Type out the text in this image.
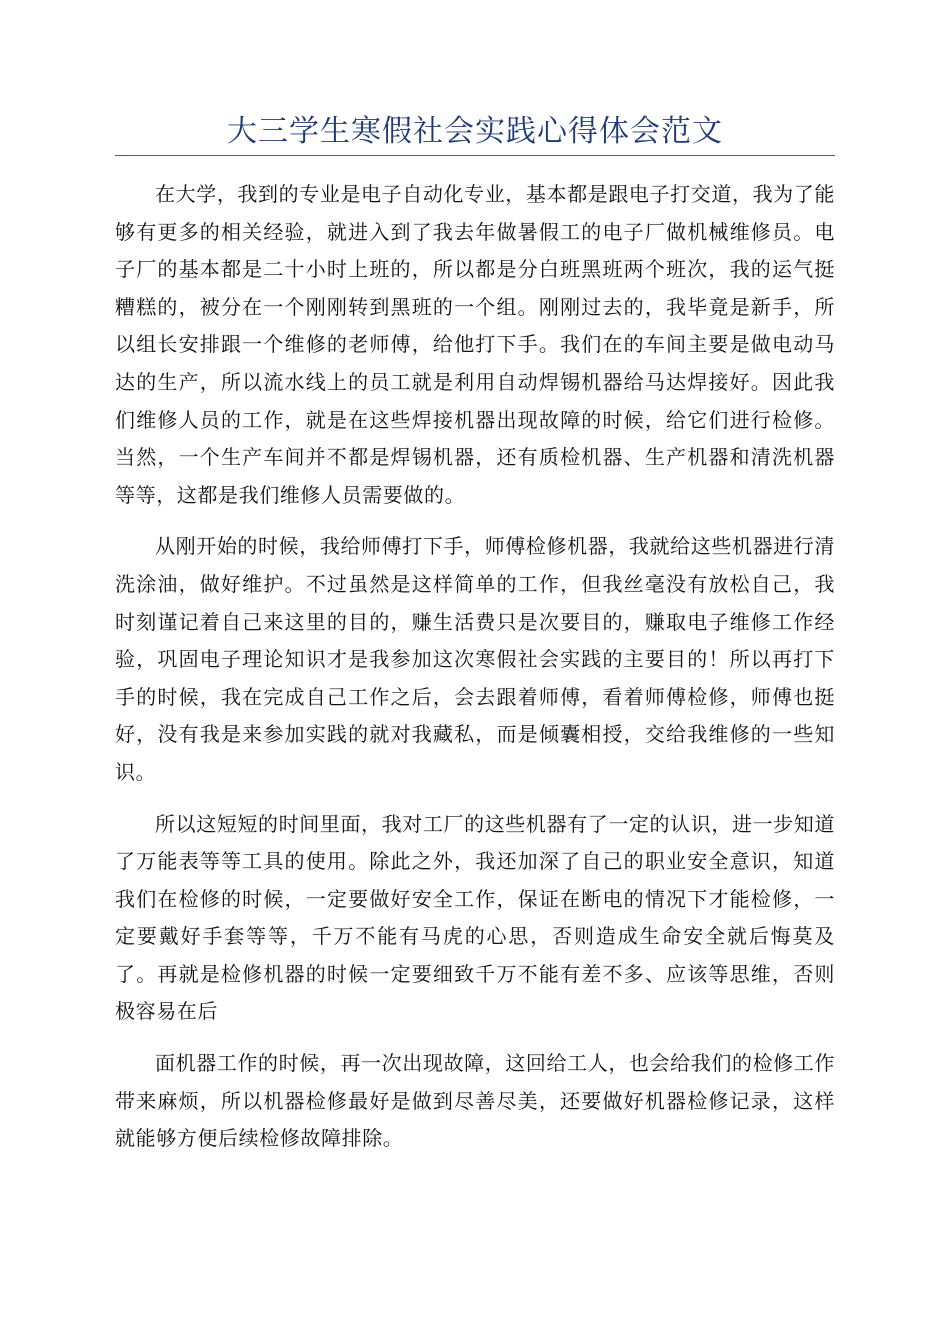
大三学生寒假社会实践心得体会范文

在大学，我到的专业是电子自动化专业，基本都是跟电子打交道，我为了能够有更多的相关经验，就进入到了我去年做暑假工的电子厂做机械维修员。电子厂的基本都是二十小时上班的，所以都是分白班黑班两个班次，我的运气挺糟糕的，被分在一个刚刚转到黑班的一个组。刚刚过去的，我毕竟是新手，所以组长安排跟一个维修的老师傅，给他打下手。我们在的车间主要是做电动马达的生产，所以流水线上的员工就是利用自动焊锡机器给马达焊接好。因此我们维修人员的工作，就是在这些焊接机器出现故障的时候，给它们进行检修。当然，一个生产车间并不都是焊锡机器，还有质检机器、生产机器和清洗机器等等，这都是我们维修人员需要做的。

从刚开始的时候，我给师傅打下手，师傅检修机器，我就给这些机器进行清洗涂油，做好维护。不过虽然是这样简单的工作，但我丝毫没有放松自己，我时刻谨记着自己来这里的目的，赚生活费只是次要目的，赚取电子维修工作经验，巩固电子理论知识才是我参加这次寒假社会实践的主要目的！所以再打下手的时候，我在完成自己工作之后，会去跟着师傅，看着师傅检修，师傅也挺好，没有我是来参加实践的就对我藏私，而是倾囊相授，交给我维修的一些知识。

所以这短短的时间里面，我对工厂的这些机器有了一定的认识，进一步知道了万能表等等工具的使用。除此之外，我还加深了自己的职业安全意识，知道我们在检修的时候，一定要做好安全工作，保证在断电的情况下才能检修，一定要戴好手套等等，千万不能有马虎的心思，否则造成生命安全就后悔莫及了。再就是检修机器的时候一定要细致千万不能有差不多、应该等思维，否则极容易在后

面机器工作的时候，再一次出现故障，这回给工人，也会给我们的检修工作带来麻烦，所以机器检修最好是做到尽善尽美，还要做好机器检修记录，这样就能够方便后续检修故障排除。
